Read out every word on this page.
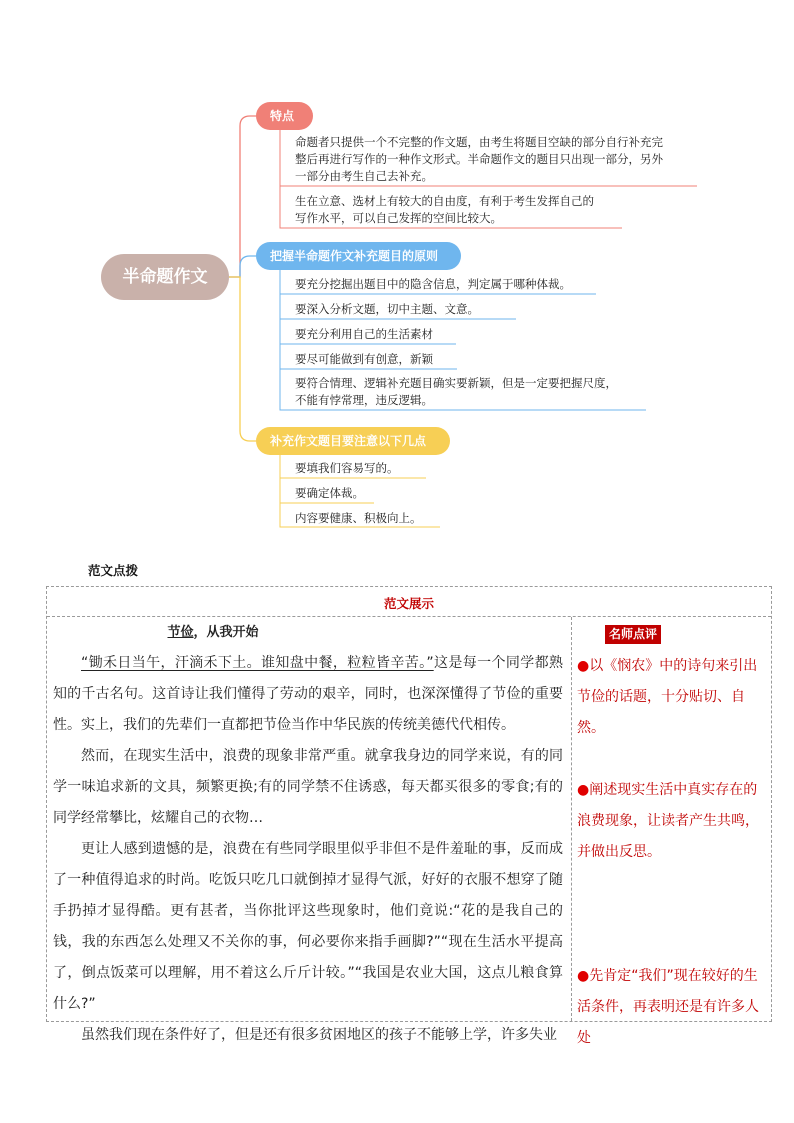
半命题作文
特点
把握半命题作文补充题目的原则
补充作文题目要注意以下几点
命题者只提供一个不完整的作文题，由考生将题目空缺的部分自行补充完
整后再进行写作的一种作文形式。半命题作文的题目只出现一部分，另外
一部分由考生自己去补充。
生在立意、选材上有较大的自由度，有利于考生发挥自己的
写作水平，可以自己发挥的空间比较大。
要充分挖掘出题目中的隐含信息，判定属于哪种体裁。
要深入分析文题，切中主题、文意。
要充分利用自己的生活素材
要尽可能做到有创意，新颖
要符合情理、逻辑补充题目确实要新颖，但是一定要把握尺度，
不能有悖常理，违反逻辑。
要填我们容易写的。
要确定体裁。
内容要健康、积极向上。
范文点拨
范文展示
节俭，从我开始

“锄禾日当午，汗滴禾下土。谁知盘中餐，粒粒皆辛苦。”这是每一个同学都熟知的千古名句。这首诗让我们懂得了劳动的艰辛，同时，也深深懂得了节俭的重要性。实上，我们的先辈们一直都把节俭当作中华民族的传统美德代代相传。

然而，在现实生活中，浪费的现象非常严重。就拿我身边的同学来说，有的同学一味追求新的文具，频繁更换;有的同学禁不住诱惑，每天都买很多的零食;有的同学经常攀比，炫耀自己的衣物…

更让人感到遗憾的是，浪费在有些同学眼里似乎非但不是件羞耻的事，反而成了一种值得追求的时尚。吃饭只吃几口就倒掉才显得气派，好好的衣服不想穿了随手扔掉才显得酷。更有甚者，当你批评这些现象时，他们竟说:“花的是我自己的钱，我的东西怎么处理又不关你的事，何必要你来指手画脚?”“现在生活水平提高了，倒点饭菜可以理解，用不着这么斤斤计较。”“我国是农业大国，这点儿粮食算什么?”

虽然我们现在条件好了，但是还有很多贫困地区的孩子不能够上学，许多失业

名师点评
●以《悯农》中的诗句来引出节俭的话题，十分贴切、自然。
●阐述现实生活中真实存在的浪费现象，让读者产生共鸣，并做出反思。
●先肯定“我们”现在较好的生活条件，再表明还是有许多人处
